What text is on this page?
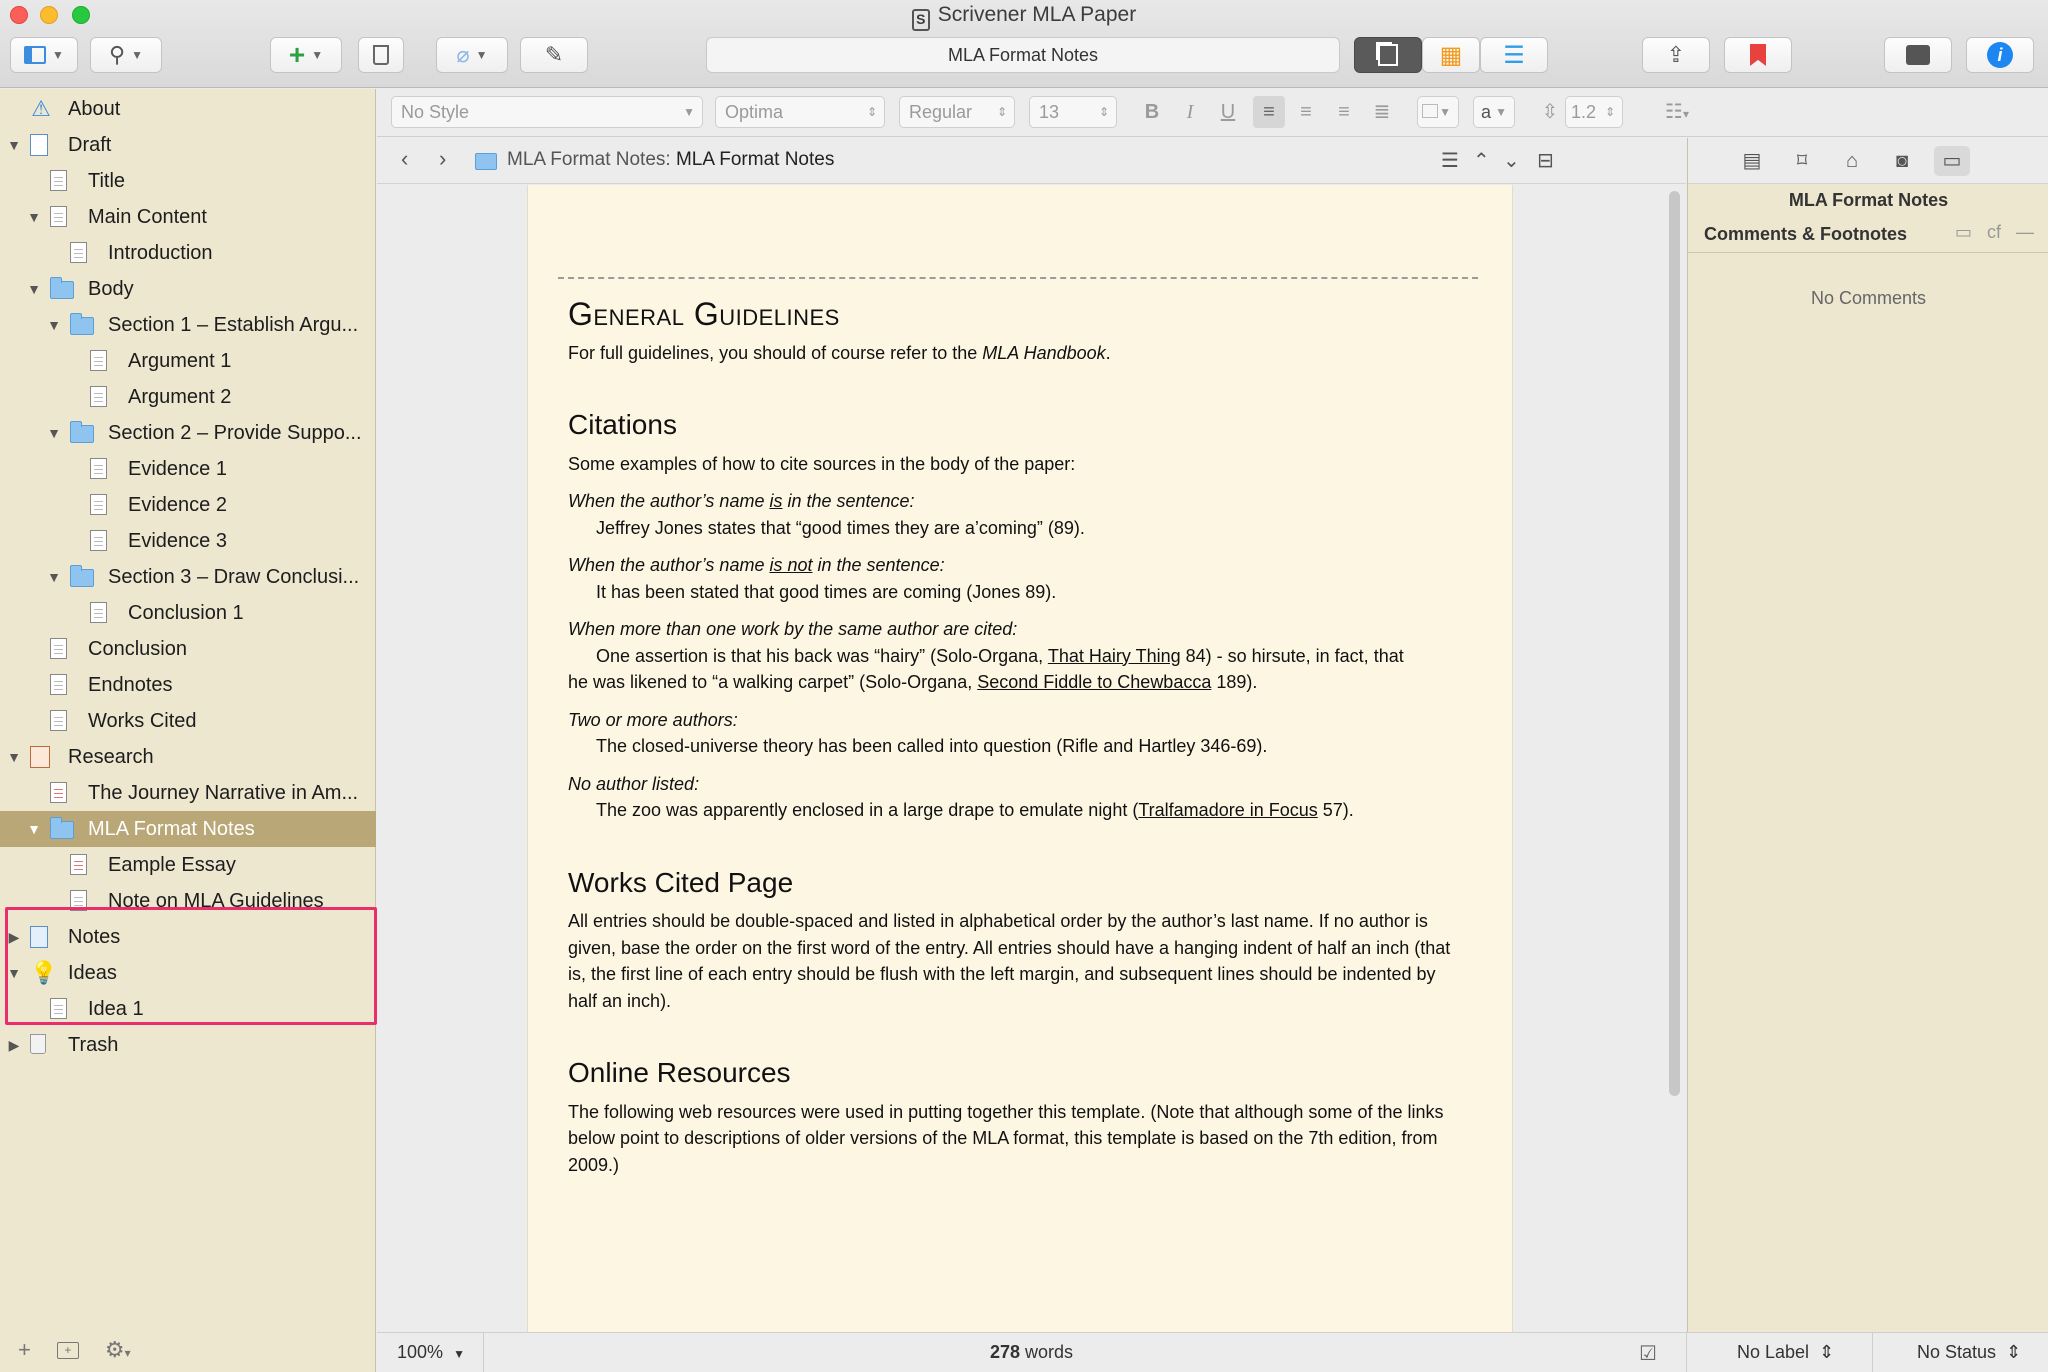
S Scrivener MLA Paper
▼ ⚲ ▼	+ ▼	⌀ ▼	✎	MLA Format Notes	▦ ☰	⇪	i
⚠ About
▼ Draft
Title
▼ Main Content
Introduction
▼ Body
▼ Section 1 – Establish Argu...
Argument 1
Argument 2
▼ Section 2 – Provide Suppo...
Evidence 1
Evidence 2
Evidence 3
▼ Section 3 – Draw Conclusi...
Conclusion 1
Conclusion
Endnotes
Works Cited
▼ Research
The Journey Narrative in Am...
▼ MLA Format Notes
Eample Essay
Note on MLA Guidelines
▶ Notes
▼ 💡 Ideas
Idea 1
▶ Trash
+	+	⚙▾
No Style	▼	Optima	⇕	Regular ⇕	13	⇕ B	I	U	≡	≡	≡	≣	▼	a ▼ ⇳ 1.2 ⇕	☷▾
‹ ›	MLA Format Notes: MLA Format Notes	☰ ⌃ ⌄ ⊟
General Guidelines

For full guidelines, you should of course refer to the MLA Handbook.

Citations

Some examples of how to cite sources in the body of the paper:

When the author’s name is in the sentence:

Jeffrey Jones states that “good times they are a’coming” (89).

When the author’s name is not in the sentence:

It has been stated that good times are coming (Jones 89).

When more than one work by the same author are cited:

One assertion is that his back was “hairy” (Solo-Organa, That Hairy Thing 84) - so hirsute, in fact, that

he was likened to “a walking carpet” (Solo-Organa, Second Fiddle to Chewbacca 189).

Two or more authors:

The closed-universe theory has been called into question (Rifle and Hartley 346-69).

No author listed:

The zoo was apparently enclosed in a large drape to emulate night (Tralfamadore in Focus 57).

Works Cited Page

All entries should be double-spaced and listed in alphabetical order by the author’s last name. If no author is given, base the order on the first word of the entry. All entries should have a hanging indent of half an inch (that is, the first line of each entry should be flush with the left margin, and subsequent lines should be indented by half an inch).

Online Resources

The following web resources were used in putting together this template. (Note that although some of the links below point to descriptions of older versions of the MLA format, this template is based on the 7th edition, from 2009.)

▤	⌑	⌂	◙	▭
MLA Format Notes
Comments & Footnotes	▭ cf —
No Comments
100% ▼	278 words	☑	No Label ⇕	No Status ⇕
